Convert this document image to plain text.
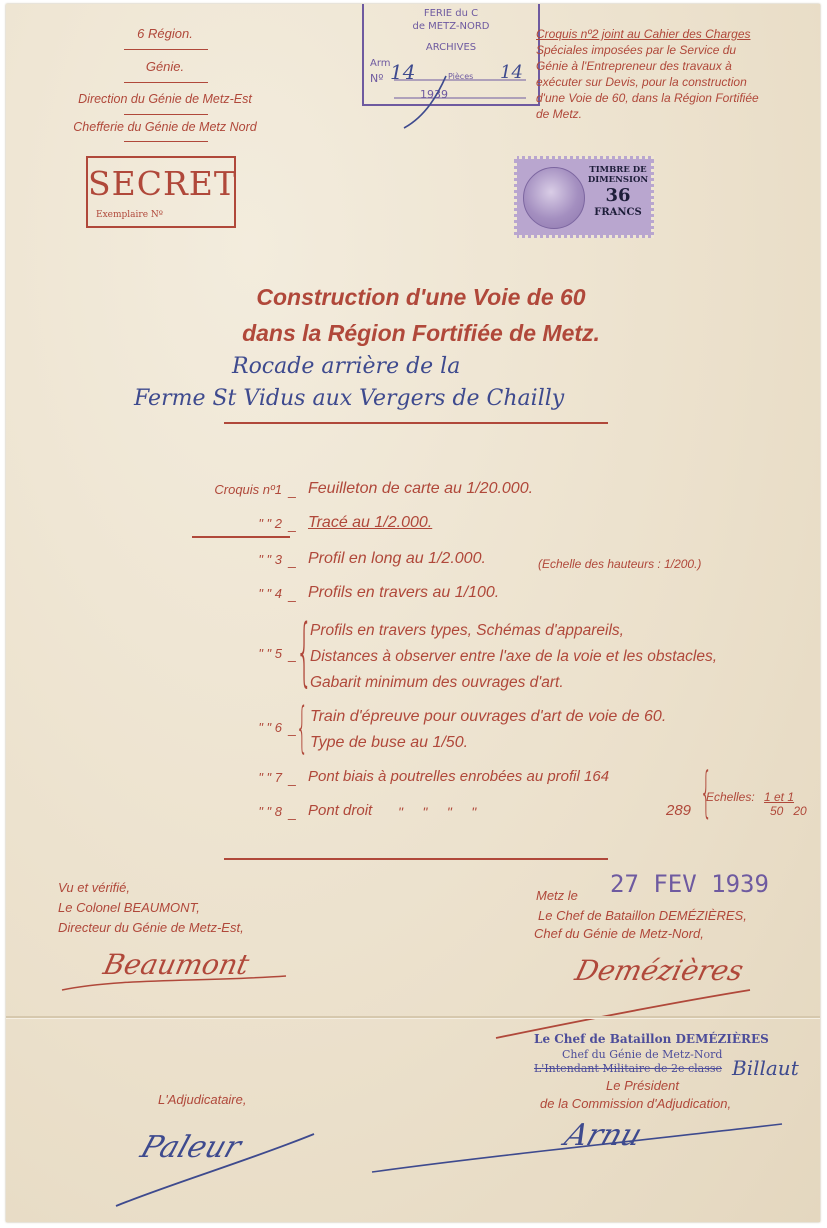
6 Région.
Génie.
Direction du Génie de Metz-Est
Chefferie du Génie de Metz Nord
SECRET
Exemplaire Nº
FERIE du C
de METZ-NORD
ARCHIVES
Arm
Nº 14	Pièces 14
1939
Croquis nº2 joint au Cahier des Charges
Spéciales imposées par le Service du
Génie à l'Entrepreneur des travaux à
exécuter sur Devis, pour la construction
d'une Voie de 60, dans la Région Fortifiée
de Metz.
TIMBRE DE
DIMENSION
36
FRANCS
Construction d'une Voie de 60
dans la Région Fortifiée de Metz.
Rocade arrière de la
Ferme St Vidus aux Vergers de Chailly
Croquis nº1 _ Feuilleton de carte au 1/20.000.
" " 2 _ Tracé au 1/2.000.
" " 3 _ Profil en long au 1/2.000.	(Echelle des hauteurs : 1/200.)
" " 4 _ Profils en travers au 1/100.
" " 5 _ {
Profils en travers types, Schémas d'appareils,
Distances à observer entre l'axe de la voie et les obstacles,
Gabarit minimum des ouvrages d'art.
" " 6 _ { Train d'épreuve pour ouvrages d'art de voie de 60.
Type de buse au 1/50.
" " 7 _ Pont biais à poutrelles enrobées au profil 164
" " 8 _ Pont droit "     "     "     "	289 {
Echelles: 1 et 1
50   20
Vu et vérifié,
Le Colonel BEAUMONT,
Directeur du Génie de Metz-Est,
Beaumont
Metz le 27 FEV 1939
Le Chef de Bataillon DEMÉZIÈRES,
Chef du Génie de Metz-Nord,
Demézières
Le Chef de Bataillon DEMÉZIÈRES
Chef du Génie de Metz-Nord
L'Intendant Militaire de 2e classe Billaut
Le Président
de la Commission d'Adjudication,
L'Adjudicataire,
Paleur	Arnu
